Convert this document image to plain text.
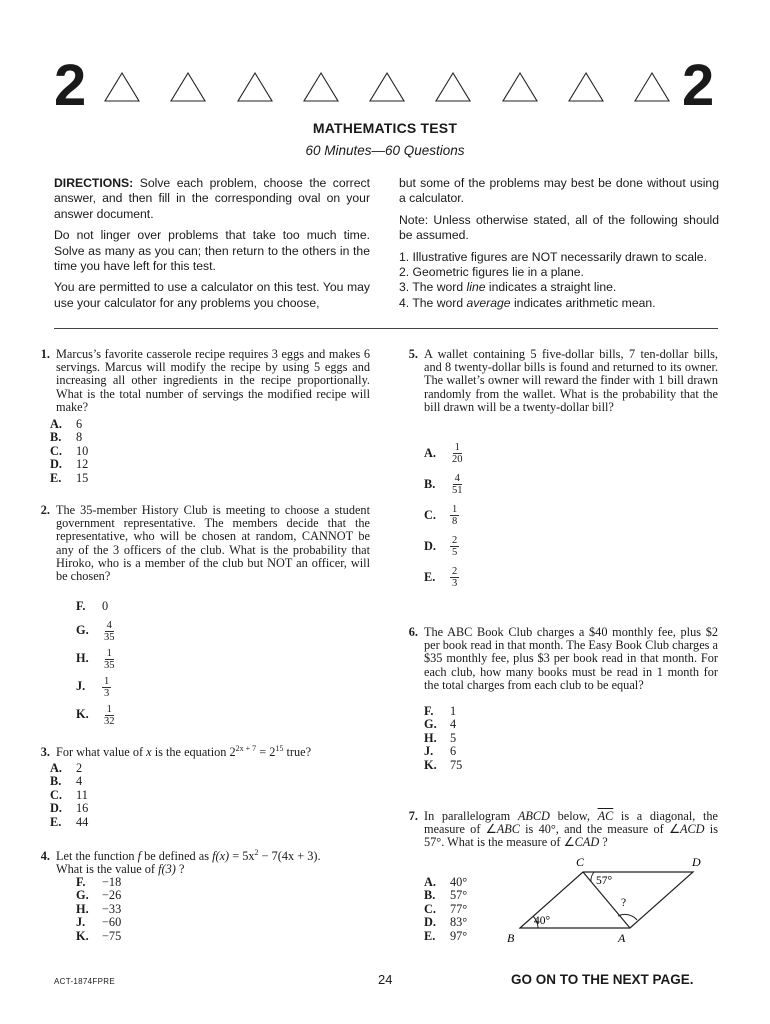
2	2
MATHEMATICS TEST
60 Minutes—60 Questions

DIRECTIONS: Solve each problem, choose the correct answer, and then fill in the corresponding oval on your answer document.

Do not linger over problems that take too much time. Solve as many as you can; then return to the others in the time you have left for this test.

You are permitted to use a calculator on this test. You may use your calculator for any problems you choose,

but some of the problems may best be done without using a calculator.

Note: Unless otherwise stated, all of the following should be assumed.

1. Illustrative figures are NOT necessarily drawn to scale.
2. Geometric figures lie in a plane.
3. The word line indicates a straight line.
4. The word average indicates arithmetic mean.
1. Marcus’s favorite casserole recipe requires 3 eggs and makes 6 servings. Marcus will modify the recipe by using 5 eggs and increasing all other ingredients in the recipe proportionally. What is the total number of servings the modified recipe will make?
A.	6
B.	8
C.	10
D.	12
E.	15
2. The 35-member History Club is meeting to choose a student government representative. The members decide that the representative, who will be chosen at random, CANNOT be any of the 3 officers of the club. What is the probability that Hiroko, who is a member of the club but NOT an officer, will be chosen?
F.	0
G.	$\frac{4}{35}$
H.	$\frac{1}{35}$
J.	$\frac{1}{3}$
K.	$\frac{1}{32}$
3. For what value of x is the equation $2^{2x + 7} = 2^{15}$ true?
A.	2
B.	4
C.	11
D.	16
E.	44
4. Let the function f be defined as $f(x) = 5x^2 - 7(4x + 3)$.
What is the value of f(3) ?
F.	−18
G.	−26
H.	−33
J.	−60
K.	−75
5. A wallet containing 5 five-dollar bills, 7 ten-dollar bills, and 8 twenty-dollar bills is found and returned to its owner. The wallet’s owner will reward the finder with 1 bill drawn randomly from the wallet. What is the probability that the bill drawn will be a twenty-dollar bill?
A.	$\frac{1}{20}$
B.	$\frac{4}{51}$
C.	$\frac{1}{8}$
D.	$\frac{2}{5}$
E.	$\frac{2}{3}$
6. The ABC Book Club charges a $40 monthly fee, plus $2 per book read in that month. The Easy Book Club charges a $35 monthly fee, plus $3 per book read in that month. For each club, how many books must be read in 1 month for the total charges from each club to be equal?
F.	1
G.	4
H.	5
J.	6
K.	75
7. In parallelogram ABCD below, $\overline{AC}$ is a diagonal, the measure of ∠ABC is 40°, and the measure of ∠ACD is 57°. What is the measure of ∠CAD ?
A.	40°
B.	57°
C.	77°
D.	83°
E.	97°
C	D
B	A
57°
40°
?
ACT-1874FPRE	24	GO ON TO THE NEXT PAGE.
